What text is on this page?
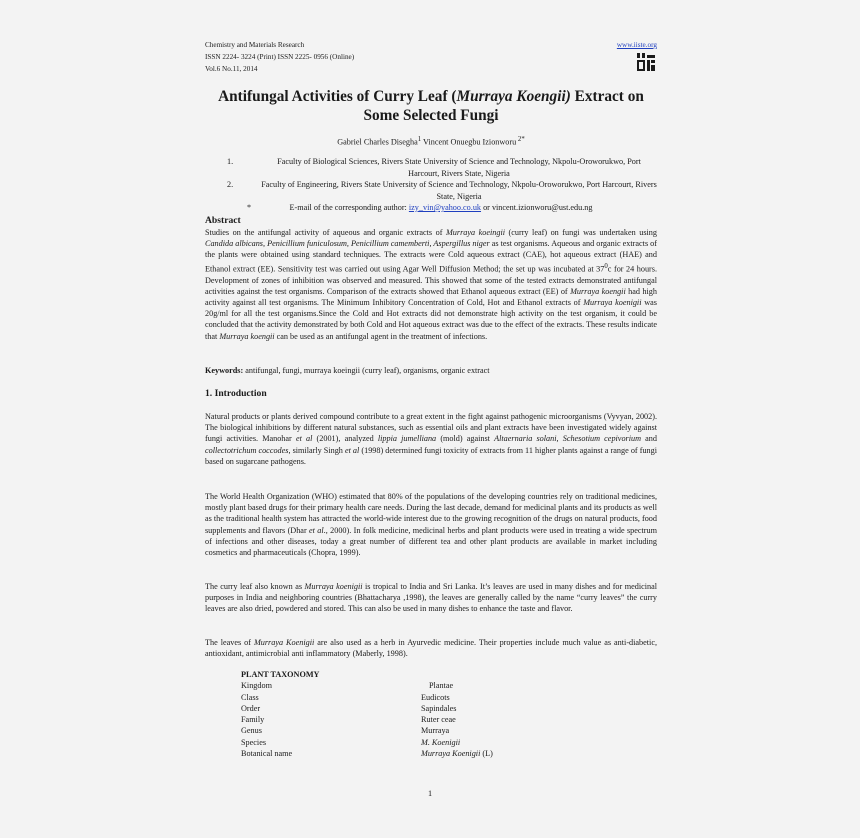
Chemistry and Materials Research
ISSN 2224- 3224 (Print) ISSN 2225- 0956 (Online)
Vol.6 No.11, 2014
www.iiste.org
Antifungal Activities of Curry Leaf (Murraya Koengii) Extract on Some Selected Fungi
Gabriel Charles Disegha$^1$ Vincent Onuegbu Izionworu $^{2*}$
1.	Faculty of Biological Sciences, Rivers State University of Science and Technology, Nkpolu-Oroworukwo, Port Harcourt, Rivers State, Nigeria
2.	Faculty of Engineering, Rivers State University of Science and Technology, Nkpolu-Oroworukwo, Port Harcourt, Rivers State, Nigeria
*	E-mail of the corresponding author: izy_vin@yahoo.co.uk or vincent.izionworu@ust.edu.ng
Abstract
Studies on the antifungal activity of aqueous and organic extracts of Murraya koeingii (curry leaf) on fungi was undertaken using Candida albicans, Penicillium funiculosum, Penicillium camemberti, Aspergillus niger as test organisms. Aqueous and organic extracts of the plants were obtained using standard techniques. The extracts were Cold aqueous extract (CAE), hot aqueous extract (HAE) and Ethanol extract (EE). Sensitivity test was carried out using Agar Well Diffusion Method; the set up was incubated at $37^0c$ for 24 hours. Development of zones of inhibition was observed and measured. This showed that some of the tested extracts demonstrated antifungal activities against the test organisms. Comparison of the extracts showed that Ethanol aqueous extract (EE) of Murraya koengii had high activity against all test organisms. The Minimum Inhibitory Concentration of Cold, Hot and Ethanol extracts of Murraya koenigii was 20g/ml for all the test organisms.Since the Cold and Hot extracts did not demonstrate high activity on the test organism, it could be concluded that the activity demonstrated by both Cold and Hot aqueous extract was due to the effect of the extracts. These results indicate that Murraya koengii can be used as an antifungal agent in the treatment of infections.
Keywords: antifungal, fungi, murraya koeingii (curry leaf), organisms, organic extract
1. Introduction
Natural products or plants derived compound contribute to a great extent in the fight against pathogenic microorganisms (Vyvyan, 2002). The biological inhibitions by different natural substances, such as essential oils and plant extracts have been investigated widely against fungi activities. Manohar et al (2001), analyzed lippia jumelliana (mold) against Altaernaria solani, Schesotium cepivorium and collectotrichum coccodes, similarly Singh et al (1998) determined fungi toxicity of extracts from 11 higher plants against a range of fungi based on sugarcane pathogens.
The World Health Organization (WHO) estimated that 80% of the populations of the developing countries rely on traditional medicines, mostly plant based drugs for their primary health care needs. During the last decade, demand for medicinal plants and its products as well as the traditional health system has attracted the world-wide interest due to the growing recognition of the drugs on natural products, food supplements and flavors (Dhar et al., 2000). In folk medicine, medicinal herbs and plant products were used in treating a wide spectrum of infections and other diseases, today a great number of different tea and other plant products are available in market including cosmetics and pharmaceuticals (Chopra, 1999).
The curry leaf also known as Murraya koenigii is tropical to India and Sri Lanka. It’s leaves are used in many dishes and for medicinal purposes in India and neighboring countries (Bhattacharya ,1998), the leaves are generally called by the name “curry leaves” the curry leaves are also dried, powdered and stored. This can also be used in many dishes to enhance the taste and flavor.
The leaves of Murraya Koenigii are also used as a herb in Ayurvedic medicine. Their properties include much value as anti-diabetic, antioxidant, antimicrobial anti inflammatory (Maberly, 1998).
PLANT TAXONOMY
Kingdom	Plantae
Class	Eudicots
Order	Sapindales
Family	Ruter ceae
Genus	Murraya
Species	M. Koenigii
Botanical name	Murraya Koenigii (L)
1
